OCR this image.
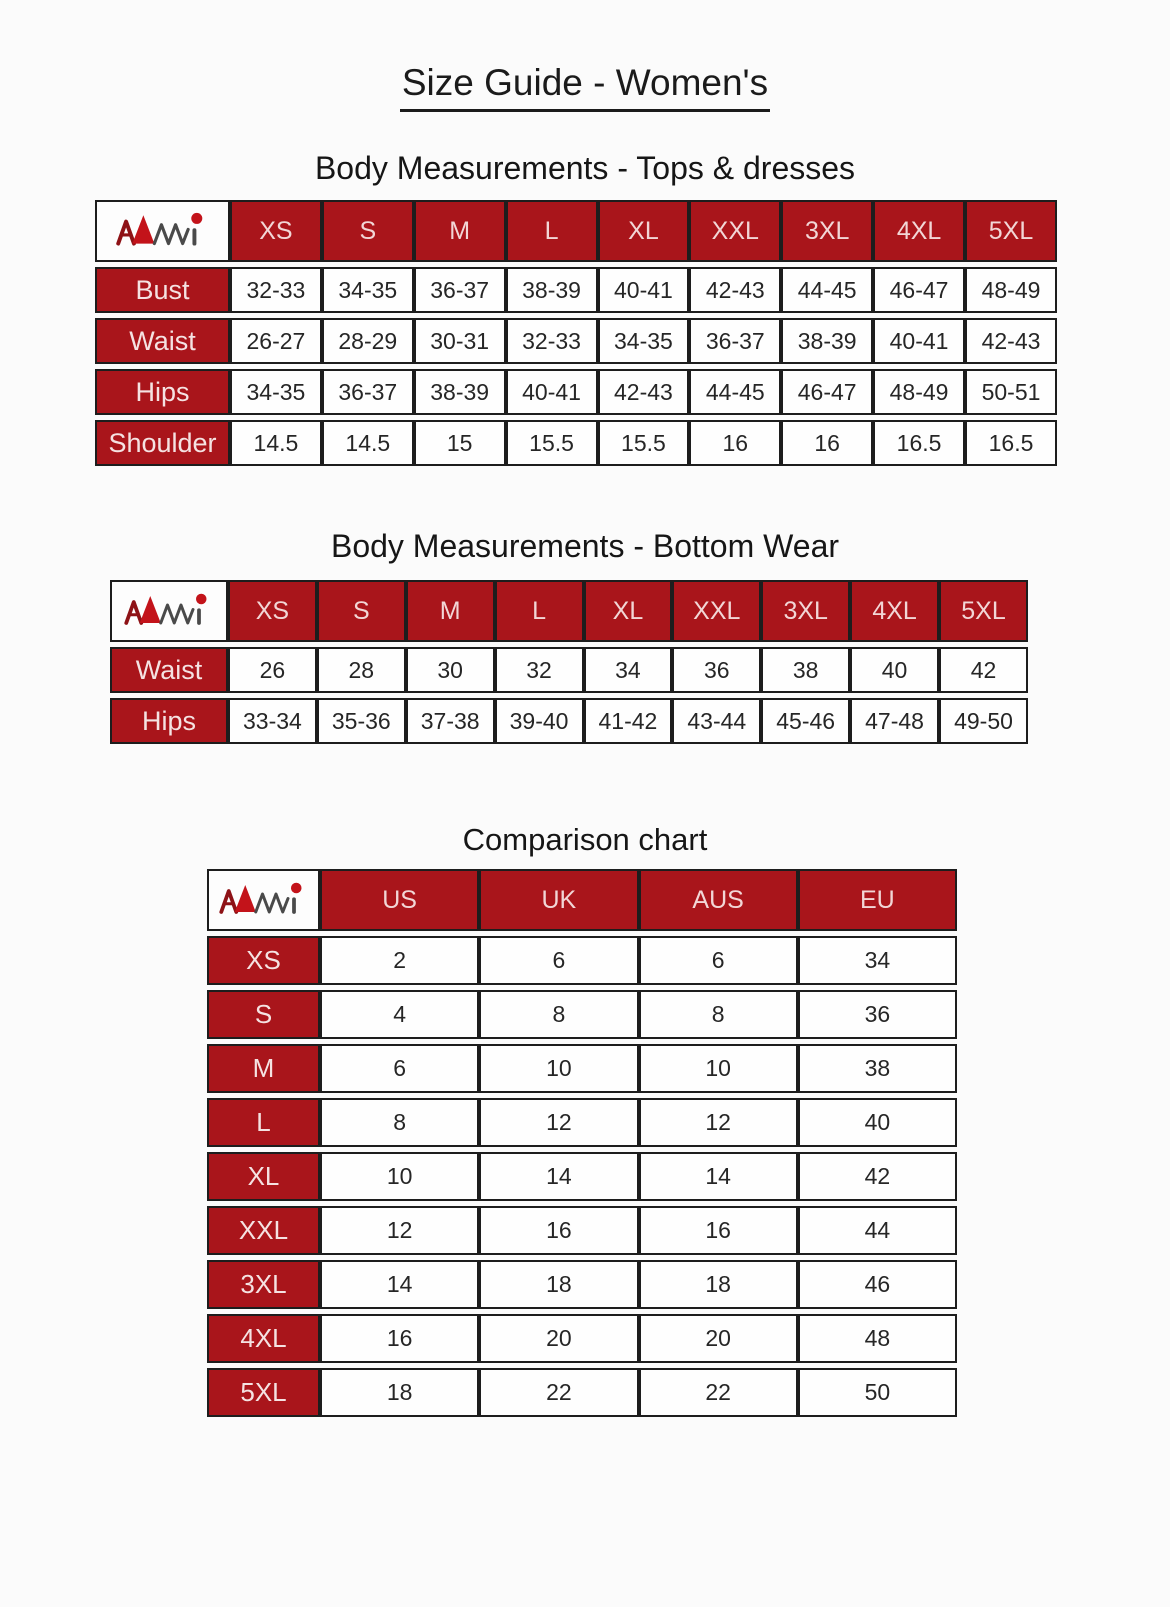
Size Guide - Women's
Body Measurements - Tops & dresses
	XS	S	M	L	XL	XXL	3XL	4XL	5XL
Bust	32-33	34-35	36-37	38-39	40-41	42-43	44-45	46-47	48-49
Waist	26-27	28-29	30-31	32-33	34-35	36-37	38-39	40-41	42-43
Hips	34-35	36-37	38-39	40-41	42-43	44-45	46-47	48-49	50-51
Shoulder	14.5	14.5	15	15.5	15.5	16	16	16.5	16.5
Body Measurements - Bottom Wear
	XS	S	M	L	XL	XXL	3XL	4XL	5XL
Waist	26	28	30	32	34	36	38	40	42
Hips	33-34	35-36	37-38	39-40	41-42	43-44	45-46	47-48	49-50
Comparison chart
	US	UK	AUS	EU
XS	2	6	6	34
S	4	8	8	36
M	6	10	10	38
L	8	12	12	40
XL	10	14	14	42
XXL	12	16	16	44
3XL	14	18	18	46
4XL	16	20	20	48
5XL	18	22	22	50
